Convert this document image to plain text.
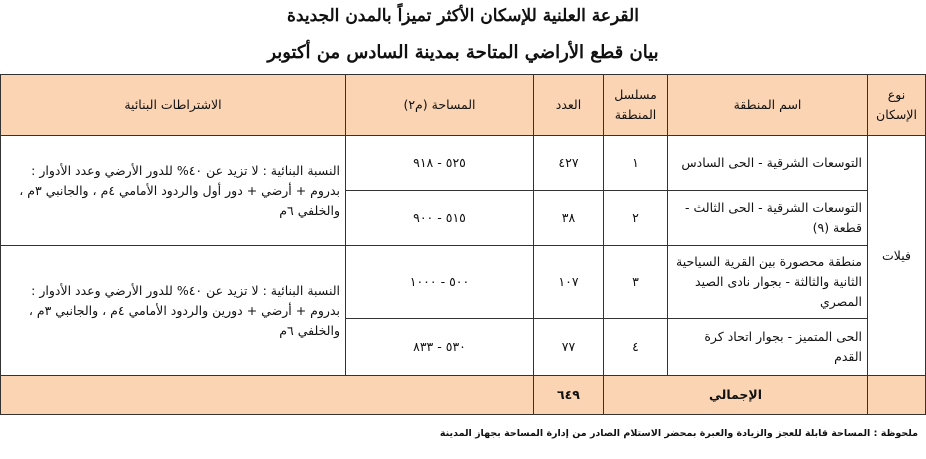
القرعة العلنية للإسكان الأكثر تميزاً بالمدن الجديدة
بيان قطع الأراضي المتاحة بمدينة السادس من أكتوبر
نوع الإسكان	اسم المنطقة	مسلسل المنطقة	العدد	المساحة (م٢)	الاشتراطات البنائية
فيلات	التوسعات الشرقية - الحى السادس	١	٤٢٧	٥٢٥ - ٩١٨	النسبة البنائية : لا تزيد عن ٤٠% للدور الأرضي وعدد الأدوار : بدروم + أرضي + دور أول والردود الأمامي ٤م ، والجانبي ٣م ، والخلفي ٦م
	التوسعات الشرقية - الحى الثالث - قطعة (٩)	٢	٣٨	٥١٥ - ٩٠٠	
	منطقة محصورة بين القرية السياحية الثانية والثالثة - بجوار نادى الصيد المصري	٣	١٠٧	٥٠٠ - ١٠٠٠	النسبة البنائية : لا تزيد عن ٤٠% للدور الأرضي وعدد الأدوار : بدروم + أرضي + دورين والردود الأمامي ٤م ، والجانبي ٣م ، والخلفي ٦م
	الحى المتميز - بجوار اتحاد كرة القدم	٤	٧٧	٥٣٠ - ٨٣٣	
	الإجمالي		٦٤٩		
ملحوظة : المساحة قابلة للعجز والزيادة والعبرة بمحضر الاستلام الصادر من إدارة المساحة بجهاز المدينة
